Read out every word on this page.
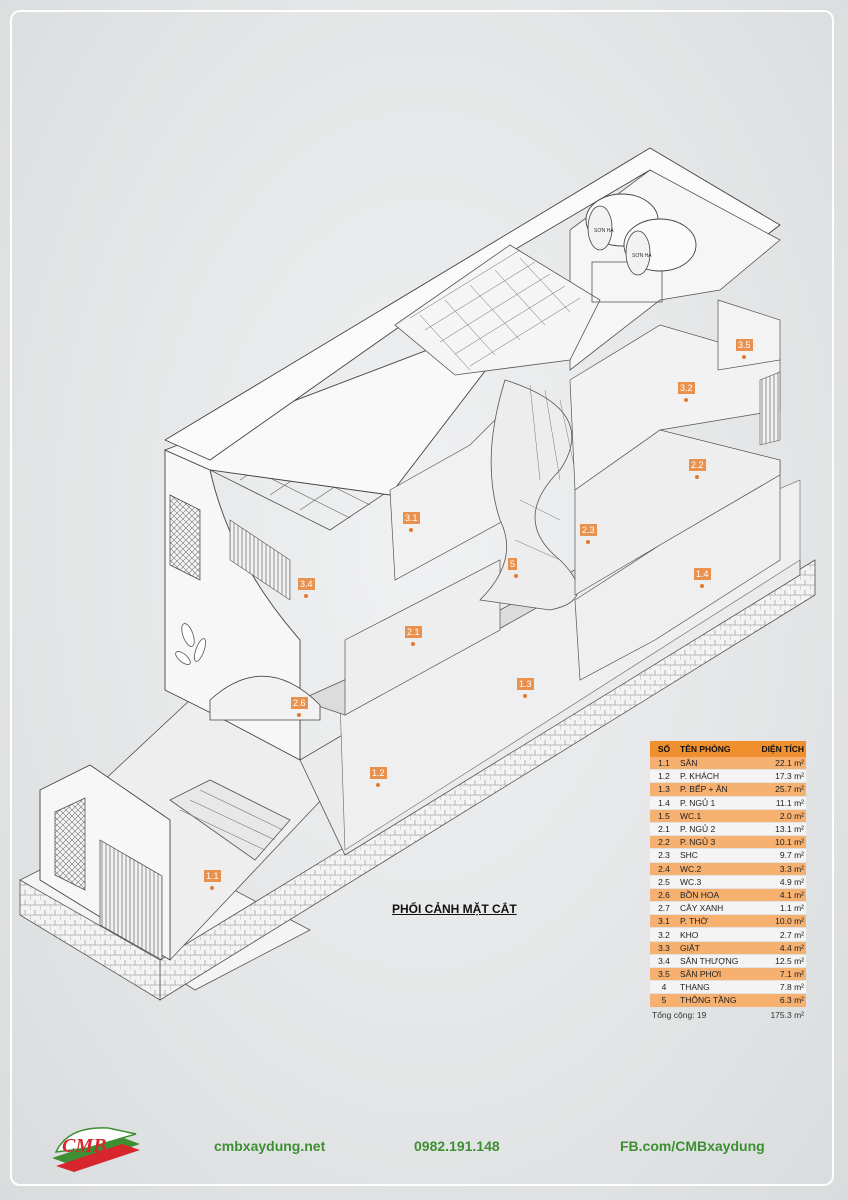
SƠN HÀ
SƠN HÀ
1.1
1.2
1.3
1.4
2.1
2.2
2.3
2.6
3.1
3.2
3.4
3.5
5
PHỐI CẢNH MẶT CẮT
SỐ	TÊN PHÒNG	DIỆN TÍCH
1.1	SÂN	22.1 m²
1.2	P. KHÁCH	17.3 m²
1.3	P. BẾP + ĂN	25.7 m²
1.4	P. NGỦ 1	11.1 m²
1.5	WC.1	2.0 m²
2.1	P. NGỦ 2	13.1 m²
2.2	P. NGỦ 3	10.1 m²
2.3	SHC	9.7 m²
2.4	WC.2	3.3 m²
2.5	WC.3	4.9 m²
2.6	BỒN HOA	4.1 m²
2.7	CÂY XANH	1.1 m²
3.1	P. THỜ	10.0 m²
3.2	KHO	2.7 m²
3.3	GIẶT	4.4 m²
3.4	SÂN THƯỢNG	12.5 m²
3.5	SÂN PHƠI	7.1 m²
4	THANG	7.8 m²
5	THÔNG TẦNG	6.3 m²
Tổng cộng: 19	175.3 m²
CMB	cmbxaydung.net	0982.191.148	FB.com/CMBxaydung
